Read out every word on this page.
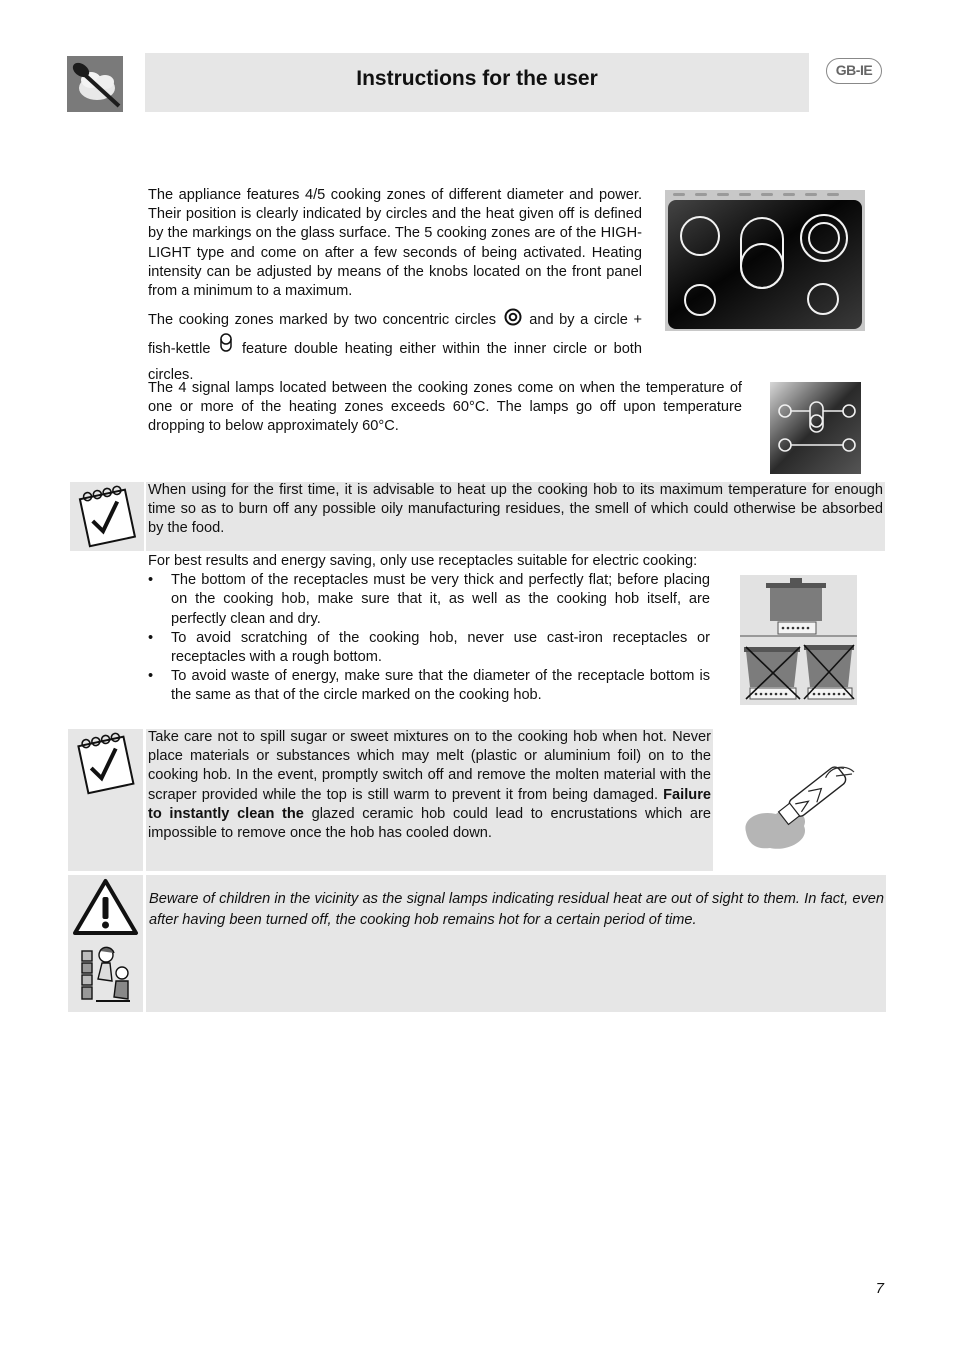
Instructions for the user	GB-IE

The appliance features 4/5 cooking zones of different diameter and power. Their position is clearly indicated by circles and the heat given off is defined by the markings on the glass surface. The 5 cooking zones are of the HIGH-LIGHT type and come on after a few seconds of being activated. Heating intensity can be adjusted by means of the knobs located on the front panel from a minimum to a maximum.

The cooking zones marked by two concentric circles and by a circle + fish-kettle feature double heating either within the inner circle or both circles.

The 4 signal lamps located between the cooking zones come on when the temperature of one or more of the heating zones exceeds 60°C. The lamps go off upon temperature dropping to below approximately 60°C.

When using for the first time, it is advisable to heat up the cooking hob to its maximum temperature for enough time so as to burn off any possible oily manufacturing residues, the smell of which could otherwise be absorbed by the food.

For best results and energy saving, only use receptacles suitable for electric cooking:

• The bottom of the receptacles must be very thick and perfectly flat; before placing on the cooking hob, make sure that it, as well as the cooking hob itself, are perfectly clean and dry.
• To avoid scratching of the cooking hob, never use cast-iron receptacles or receptacles with a rough bottom.
• To avoid waste of energy, make sure that the diameter of the receptacle bottom is the same as that of the circle marked on the cooking hob.

Take care not to spill sugar or sweet mixtures on to the cooking hob when hot. Never place materials or substances which may melt (plastic or aluminium foil) on to the cooking hob. In the event, promptly switch off and remove the molten material with the scraper provided while the top is still warm to prevent it from being damaged. Failure to instantly clean the glazed ceramic hob could lead to encrustations which are impossible to remove once the hob has cooled down.

Beware of children in the vicinity as the signal lamps indicating residual heat are out of sight to them. In fact, even after having been turned off, the cooking hob remains hot for a certain period of time.

7
